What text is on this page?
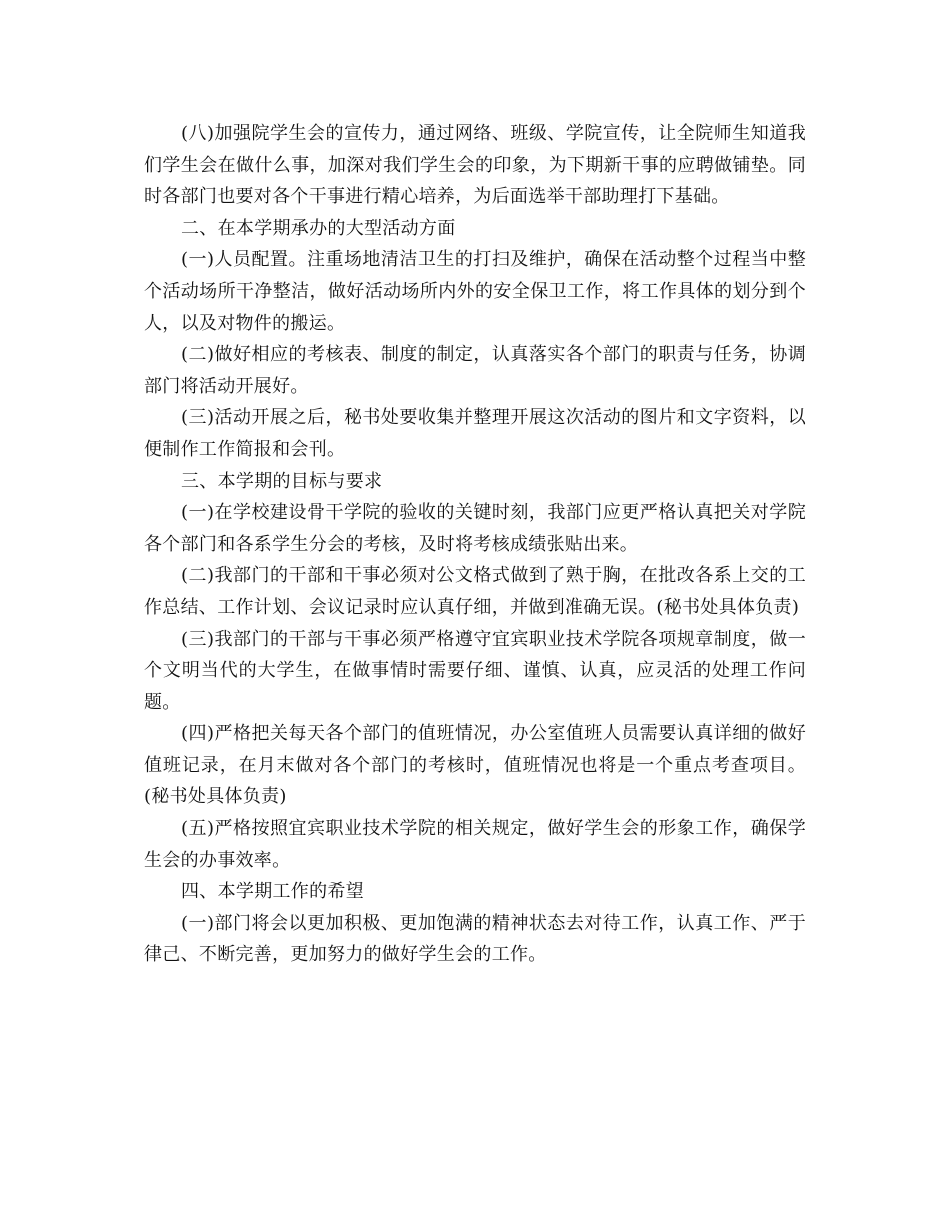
(八)加强院学生会的宣传力，通过网络、班级、学院宣传，让全院师生知道我们学生会在做什么事，加深对我们学生会的印象，为下期新干事的应聘做铺垫。同时各部门也要对各个干事进行精心培养，为后面选举干部助理打下基础。

二、在本学期承办的大型活动方面

(一)人员配置。注重场地清洁卫生的打扫及维护，确保在活动整个过程当中整个活动场所干净整洁，做好活动场所内外的安全保卫工作，将工作具体的划分到个人，以及对物件的搬运。

(二)做好相应的考核表、制度的制定，认真落实各个部门的职责与任务，协调部门将活动开展好。

(三)活动开展之后，秘书处要收集并整理开展这次活动的图片和文字资料，以便制作工作简报和会刊。

三、本学期的目标与要求

(一)在学校建设骨干学院的验收的关键时刻，我部门应更严格认真把关对学院各个部门和各系学生分会的考核，及时将考核成绩张贴出来。

(二)我部门的干部和干事必须对公文格式做到了熟于胸，在批改各系上交的工作总结、工作计划、会议记录时应认真仔细，并做到准确无误。(秘书处具体负责)

(三)我部门的干部与干事必须严格遵守宜宾职业技术学院各项规章制度，做一个文明当代的大学生，在做事情时需要仔细、谨慎、认真，应灵活的处理工作问题。

(四)严格把关每天各个部门的值班情况，办公室值班人员需要认真详细的做好值班记录，在月末做对各个部门的考核时，值班情况也将是一个重点考查项目。(秘书处具体负责)

(五)严格按照宜宾职业技术学院的相关规定，做好学生会的形象工作，确保学生会的办事效率。

四、本学期工作的希望

(一)部门将会以更加积极、更加饱满的精神状态去对待工作，认真工作、严于律己、不断完善，更加努力的做好学生会的工作。
